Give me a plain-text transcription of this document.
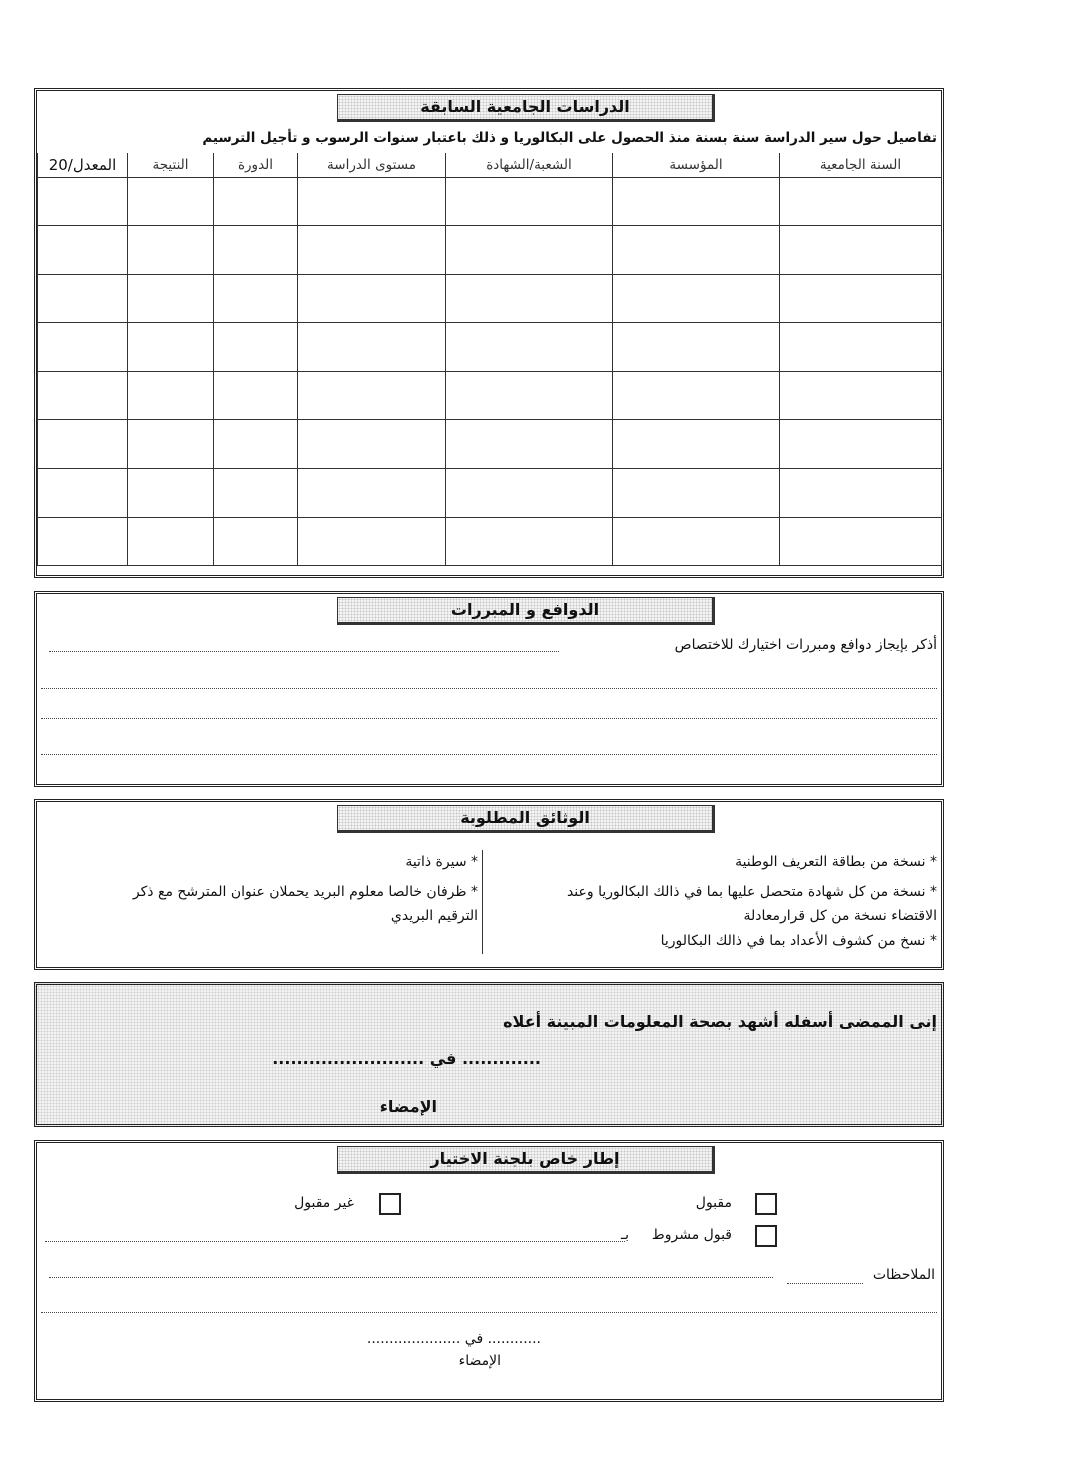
الدراسات الجامعية السابقة
تفاصيل حول سير الدراسة سنة بسنة منذ الحصول على البكالوريا و ذلك باعتبار سنوات الرسوب و تأجيل الترسيم
السنة الجامعية	المؤسسة	الشعبة/الشهادة	مستوى الدراسة	الدورة	النتيجة	المعدل/20

الدوافع و المبررات
أذكر بإيجاز دوافع ومبررات اختيارك للاختصاص
الوثائق المطلوبة
* نسخة من بطاقة التعريف الوطنية
* نسخة من كل شهادة متحصل عليها بما في ذالك البكالوريا وعند
الاقتضاء نسخة من كل قرارمعادلة
* نسخ من كشوف الأعداد بما في ذالك البكالوريا
* سيرة ذاتية
* ظرفان خالصا معلوم البريد يحملان عنوان المترشح مع ذكر
الترقيم البريدي
إنى الممضى أسفله أشهد بصحة المعلومات المبينة أعلاه
............. في .........................
الإمضاء
إطار خاص بلجنة الاختيار
مقبول
غير مقبول
قبول مشروط
بـ
الملاحظات
............ في .....................
الإمضاء
